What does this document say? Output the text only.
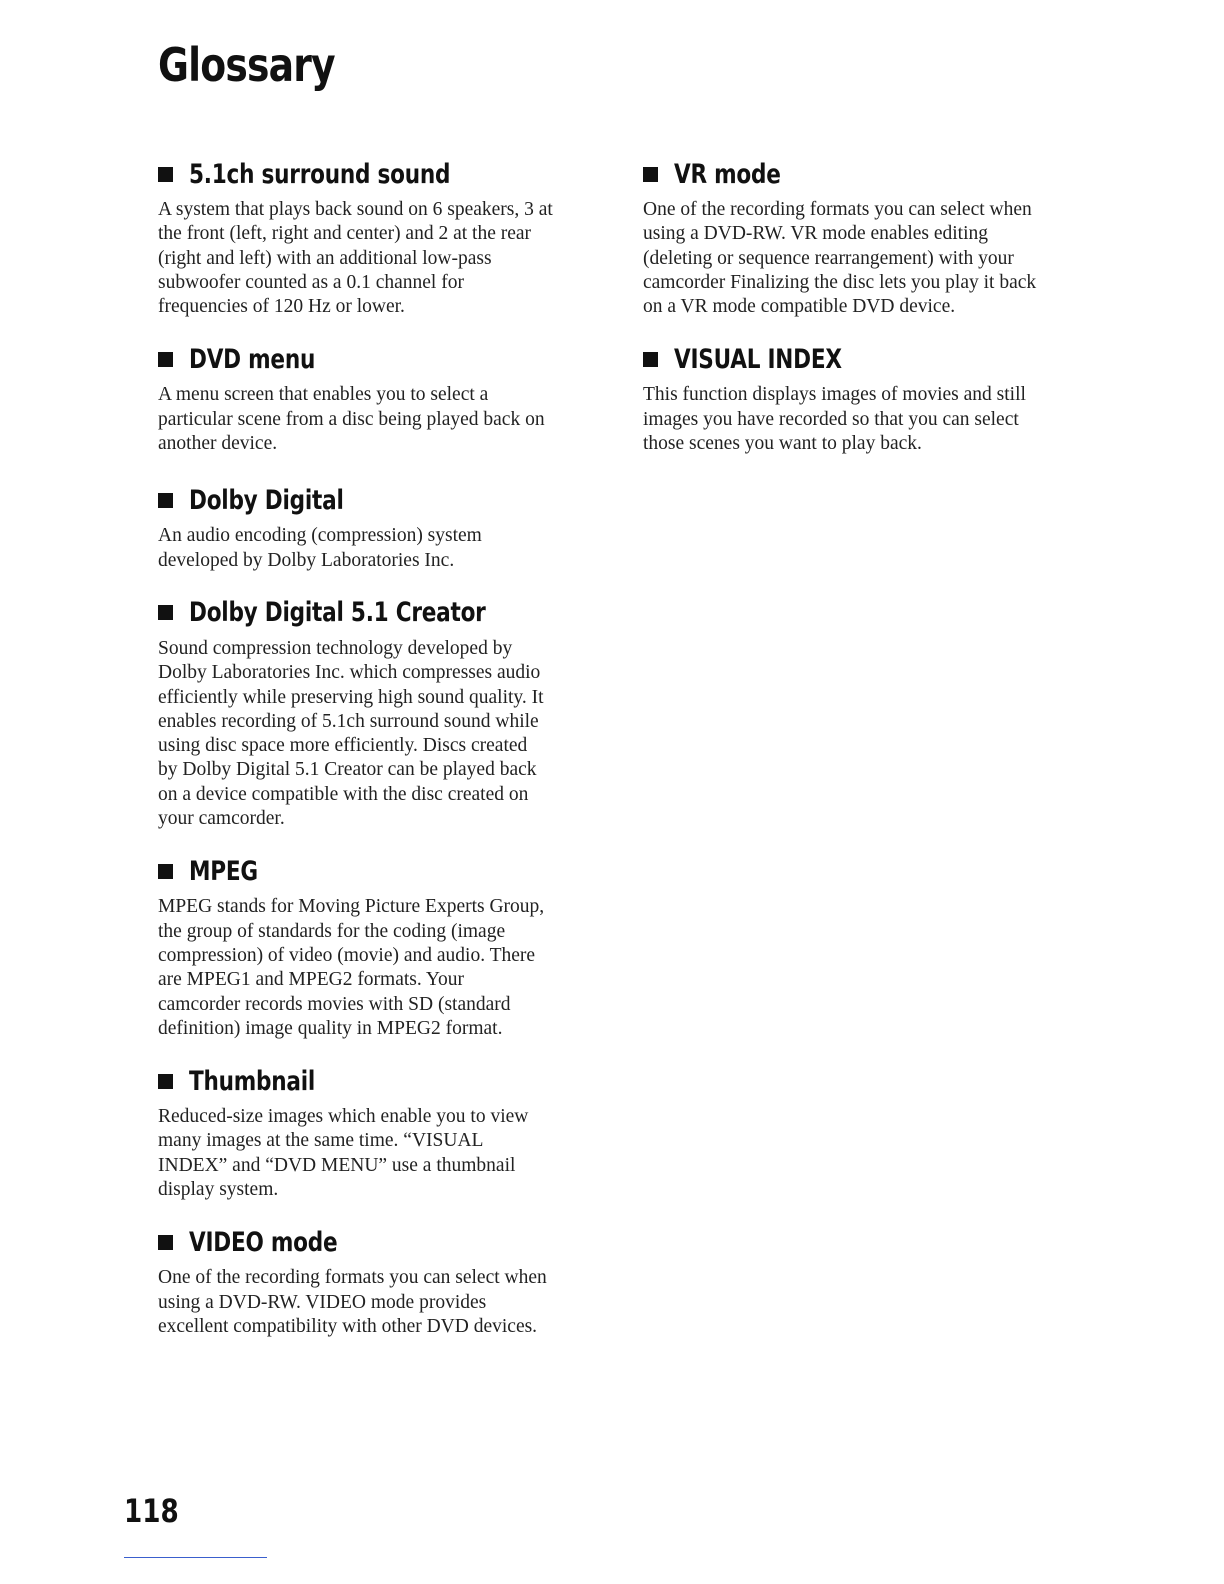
Glossary
5.1ch surround sound

A system that plays back sound on 6 speakers, 3 at
the front (left, right and center) and 2 at the rear
(right and left) with an additional low-pass
subwoofer counted as a 0.1 channel for
frequencies of 120 Hz or lower.

DVD menu

A menu screen that enables you to select a
particular scene from a disc being played back on
another device.

Dolby Digital

An audio encoding (compression) system
developed by Dolby Laboratories Inc.

Dolby Digital 5.1 Creator

Sound compression technology developed by
Dolby Laboratories Inc. which compresses audio
efficiently while preserving high sound quality. It
enables recording of 5.1ch surround sound while
using disc space more efficiently. Discs created
by Dolby Digital 5.1 Creator can be played back
on a device compatible with the disc created on
your camcorder.

MPEG

MPEG stands for Moving Picture Experts Group,
the group of standards for the coding (image
compression) of video (movie) and audio. There
are MPEG1 and MPEG2 formats. Your
camcorder records movies with SD (standard
definition) image quality in MPEG2 format.

Thumbnail

Reduced-size images which enable you to view
many images at the same time. “VISUAL
INDEX” and “DVD MENU” use a thumbnail
display system.

VIDEO mode

One of the recording formats you can select when
using a DVD-RW. VIDEO mode provides
excellent compatibility with other DVD devices.

VR mode

One of the recording formats you can select when
using a DVD-RW. VR mode enables editing
(deleting or sequence rearrangement) with your
camcorder Finalizing the disc lets you play it back
on a VR mode compatible DVD device.

VISUAL INDEX

This function displays images of movies and still
images you have recorded so that you can select
those scenes you want to play back.

118
